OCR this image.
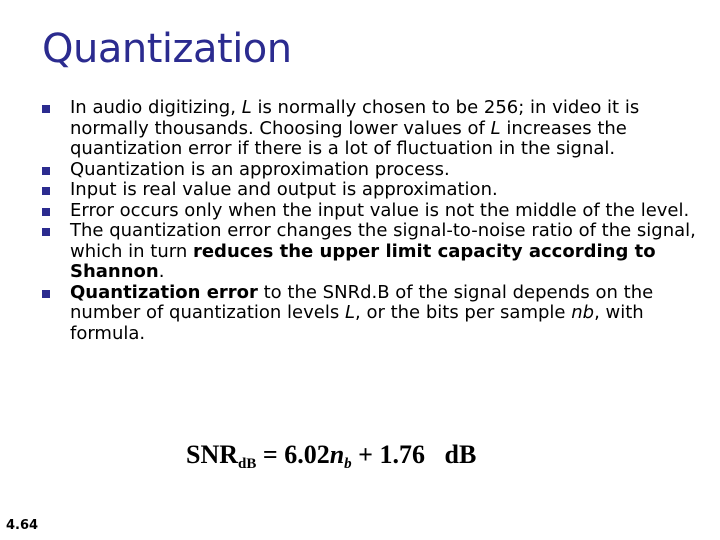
Quantization
In audio digitizing, L is normally chosen to be 256; in video it is normally thousands. Choosing lower values of L increases the quantization error if there is a lot of fluctuation in the signal.
Quantization is an approximation process.
Input is real value and output is approximation.
Error occurs only when the input value is not the middle of the level.
The quantization error changes the signal-to-noise ratio of the signal, which in turn reduces the upper limit capacity according to Shannon.
Quantization error to the SNRd.B of the signal depends on the number of quantization levels L, or the bits per sample nb, with formula.
$SNR_{dB} = 6.02n_b + 1.76$   dB
4.64
